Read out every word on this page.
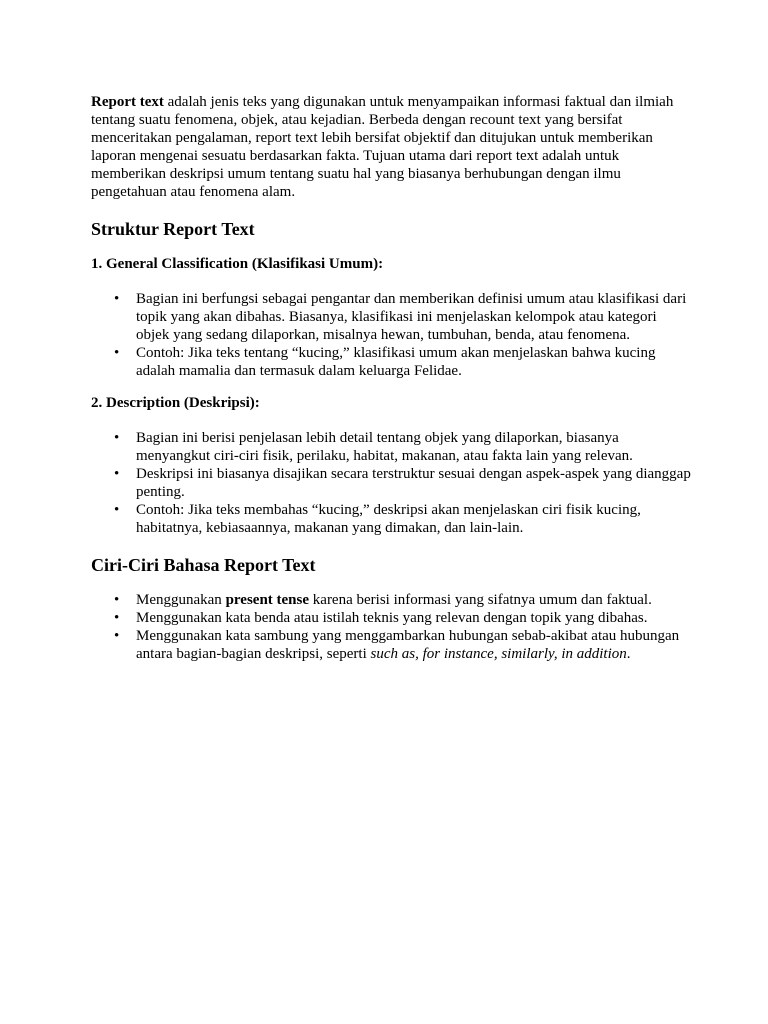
Report text adalah jenis teks yang digunakan untuk menyampaikan informasi faktual dan ilmiah tentang suatu fenomena, objek, atau kejadian. Berbeda dengan recount text yang bersifat menceritakan pengalaman, report text lebih bersifat objektif dan ditujukan untuk memberikan laporan mengenai sesuatu berdasarkan fakta. Tujuan utama dari report text adalah untuk memberikan deskripsi umum tentang suatu hal yang biasanya berhubungan dengan ilmu pengetahuan atau fenomena alam.

Struktur Report Text
1. General Classification (Klasifikasi Umum):
• Bagian ini berfungsi sebagai pengantar dan memberikan definisi umum atau klasifikasi dari topik yang akan dibahas. Biasanya, klasifikasi ini menjelaskan kelompok atau kategori objek yang sedang dilaporkan, misalnya hewan, tumbuhan, benda, atau fenomena.
• Contoh: Jika teks tentang “kucing,” klasifikasi umum akan menjelaskan bahwa kucing adalah mamalia dan termasuk dalam keluarga Felidae.
2. Description (Deskripsi):
• Bagian ini berisi penjelasan lebih detail tentang objek yang dilaporkan, biasanya menyangkut ciri-ciri fisik, perilaku, habitat, makanan, atau fakta lain yang relevan.
• Deskripsi ini biasanya disajikan secara terstruktur sesuai dengan aspek-aspek yang dianggap penting.
• Contoh: Jika teks membahas “kucing,” deskripsi akan menjelaskan ciri fisik kucing, habitatnya, kebiasaannya, makanan yang dimakan, dan lain-lain.
Ciri-Ciri Bahasa Report Text
• Menggunakan present tense karena berisi informasi yang sifatnya umum dan faktual.
• Menggunakan kata benda atau istilah teknis yang relevan dengan topik yang dibahas.
• Menggunakan kata sambung yang menggambarkan hubungan sebab-akibat atau hubungan antara bagian-bagian deskripsi, seperti such as, for instance, similarly, in addition.
